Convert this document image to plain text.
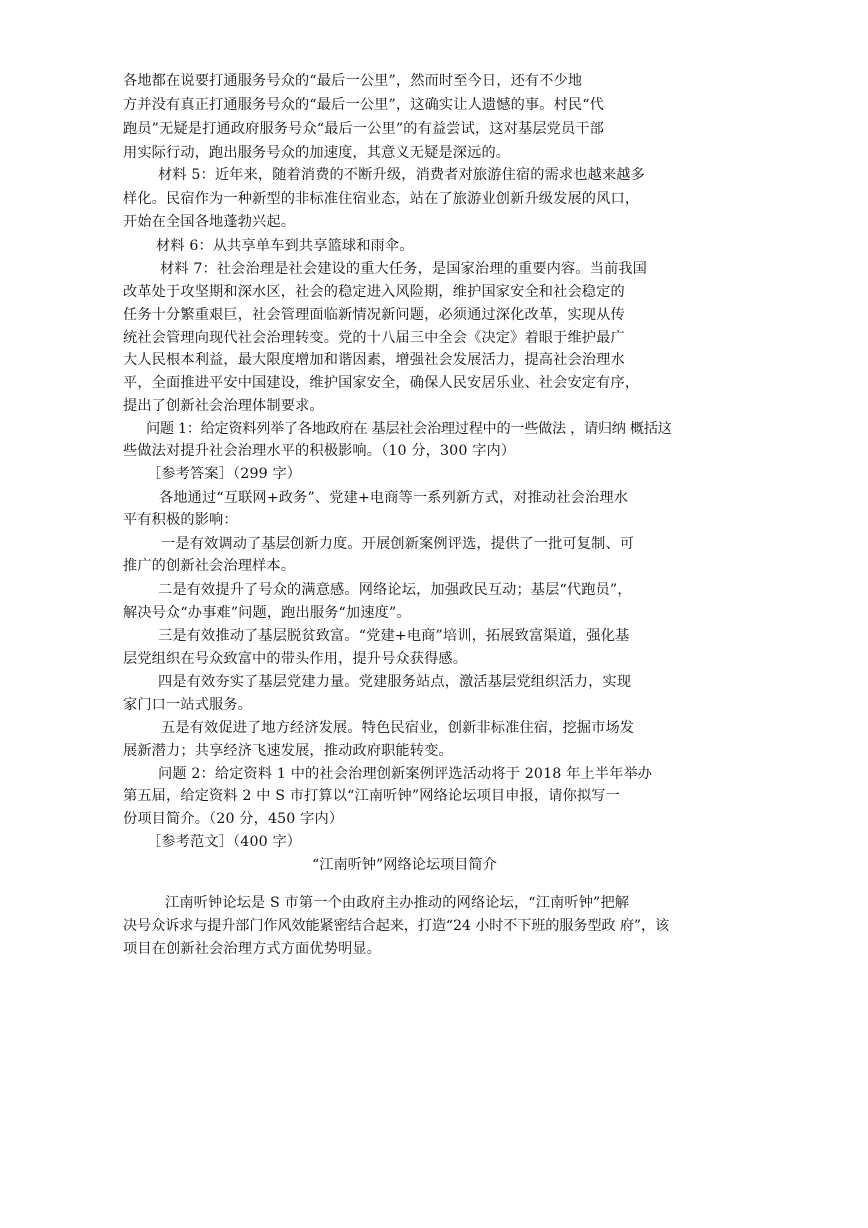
各地都在说要打通服务号众的“最后一公里”，然而时至今日，还有不少地
方并没有真正打通服务号众的“最后一公里”，这确实让人遗憾的事。村民“代
跑员”无疑是打通政府服务号众“最后一公里”的有益尝试，这对基层党员干部
用实际行动，跑出服务号众的加速度，其意义无疑是深远的。
材料 5：近年来，随着消费的不断升级，消费者对旅游住宿的需求也越来越多
样化。民宿作为一种新型的非标准住宿业态，站在了旅游业创新升级发展的风口，
开始在全国各地蓬勃兴起。
材料 6：从共享单车到共享篮球和雨伞。
材料 7：社会治理是社会建设的重大任务，是国家治理的重要内容。当前我国
改革处于攻坚期和深水区，社会的稳定进入风险期，维护国家安全和社会稳定的
任务十分繁重艰巨，社会管理面临新情况新问题，必须通过深化改革，实现从传
统社会管理向现代社会治理转变。党的十八届三中全会《决定》着眼于维护最广
大人民根本利益，最大限度增加和谐因素，增强社会发展活力，提高社会治理水
平，全面推进平安中国建设，维护国家安全，确保人民安居乐业、社会安定有序，
提出了创新社会治理体制要求。
问题 1：给定资料列举了各地政府在 基层社会治理过程中的一些做法 ，请归纳 概括这
些做法对提升社会治理水平的积极影响。（10 分，300 字内）
［参考答案］（299 字）
各地通过“互联网+政务”、党建+电商等一系列新方式，对推动社会治理水
平有积极的影响：
一是有效调动了基层创新力度。开展创新案例评选，提供了一批可复制、可
推广的创新社会治理样本。
二是有效提升了号众的满意感。网络论坛，加强政民互动；基层“代跑员”，
解决号众“办事难”问题，跑出服务“加速度”。
三是有效推动了基层脱贫致富。“党建+电商”培训，拓展致富渠道，强化基
层党组织在号众致富中的带头作用，提升号众获得感。
四是有效夯实了基层党建力量。党建服务站点，激活基层党组织活力，实现
家门口一站式服务。
五是有效促进了地方经济发展。特色民宿业，创新非标准住宿，挖掘市场发
展新潜力；共享经济飞速发展，推动政府职能转变。
问题 2：给定资料 1 中的社会治理创新案例评选活动将于 2018 年上半年举办
第五届，给定资料 2 中 S 市打算以“江南听钟”网络论坛项目申报，请你拟写一
份项目简介。（20 分，450 字内）
［参考范文］（400 字）
“江南听钟”网络论坛项目简介
江南听钟论坛是 S 市第一个由政府主办推动的网络论坛，“江南听钟”把解
决号众诉求与提升部门作风效能紧密结合起来，打造“24 小时不下班的服务型政 府”，该
项目在创新社会治理方式方面优势明显。
